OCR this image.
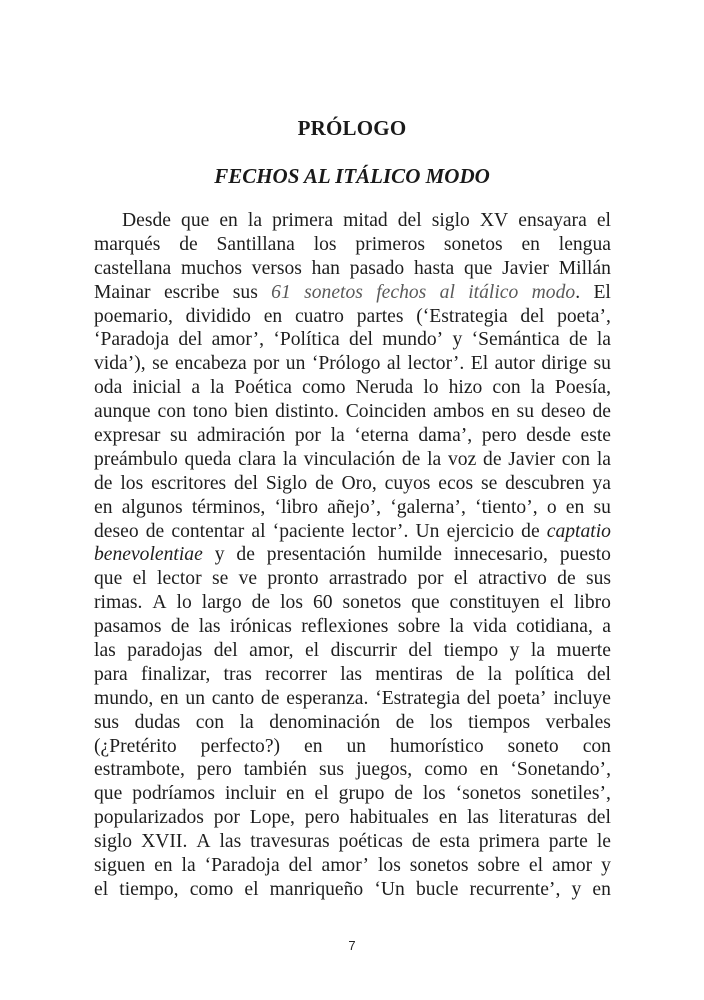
PRÓLOGO
FECHOS AL ITÁLICO MODO
Desde que en la primera mitad del siglo XV ensayara el
marqués de Santillana los primeros sonetos en lengua
castellana muchos versos han pasado hasta que Javier Millán
Mainar escribe sus 61 sonetos fechos al itálico modo. El
poemario, dividido en cuatro partes (‘Estrategia del poeta’,
‘Paradoja del amor’, ‘Política del mundo’ y ‘Semántica de la
vida’), se encabeza por un ‘Prólogo al lector’. El autor dirige su
oda inicial a la Poética como Neruda lo hizo con la Poesía,
aunque con tono bien distinto. Coinciden ambos en su deseo de
expresar su admiración por la ‘eterna dama’, pero desde este
preámbulo queda clara la vinculación de la voz de Javier con la
de los escritores del Siglo de Oro, cuyos ecos se descubren ya
en algunos términos, ‘libro añejo’, ‘galerna’, ‘tiento’, o en su
deseo de contentar al ‘paciente lector’. Un ejercicio de captatio
benevolentiae y de presentación humilde innecesario, puesto
que el lector se ve pronto arrastrado por el atractivo de sus
rimas. A lo largo de los 60 sonetos que constituyen el libro
pasamos de las irónicas reflexiones sobre la vida cotidiana, a
las paradojas del amor, el discurrir del tiempo y la muerte
para finalizar, tras recorrer las mentiras de la política del
mundo, en un canto de esperanza. ‘Estrategia del poeta’ incluye
sus dudas con la denominación de los tiempos verbales
(¿Pretérito perfecto?) en un humorístico soneto con
estrambote, pero también sus juegos, como en ‘Sonetando’,
que podríamos incluir en el grupo de los ‘sonetos sonetiles’,
popularizados por Lope, pero habituales en las literaturas del
siglo XVII. A las travesuras poéticas de esta primera parte le
siguen en la ‘Paradoja del amor’ los sonetos sobre el amor y
el tiempo, como el manriqueño ‘Un bucle recurrente’, y en
7
